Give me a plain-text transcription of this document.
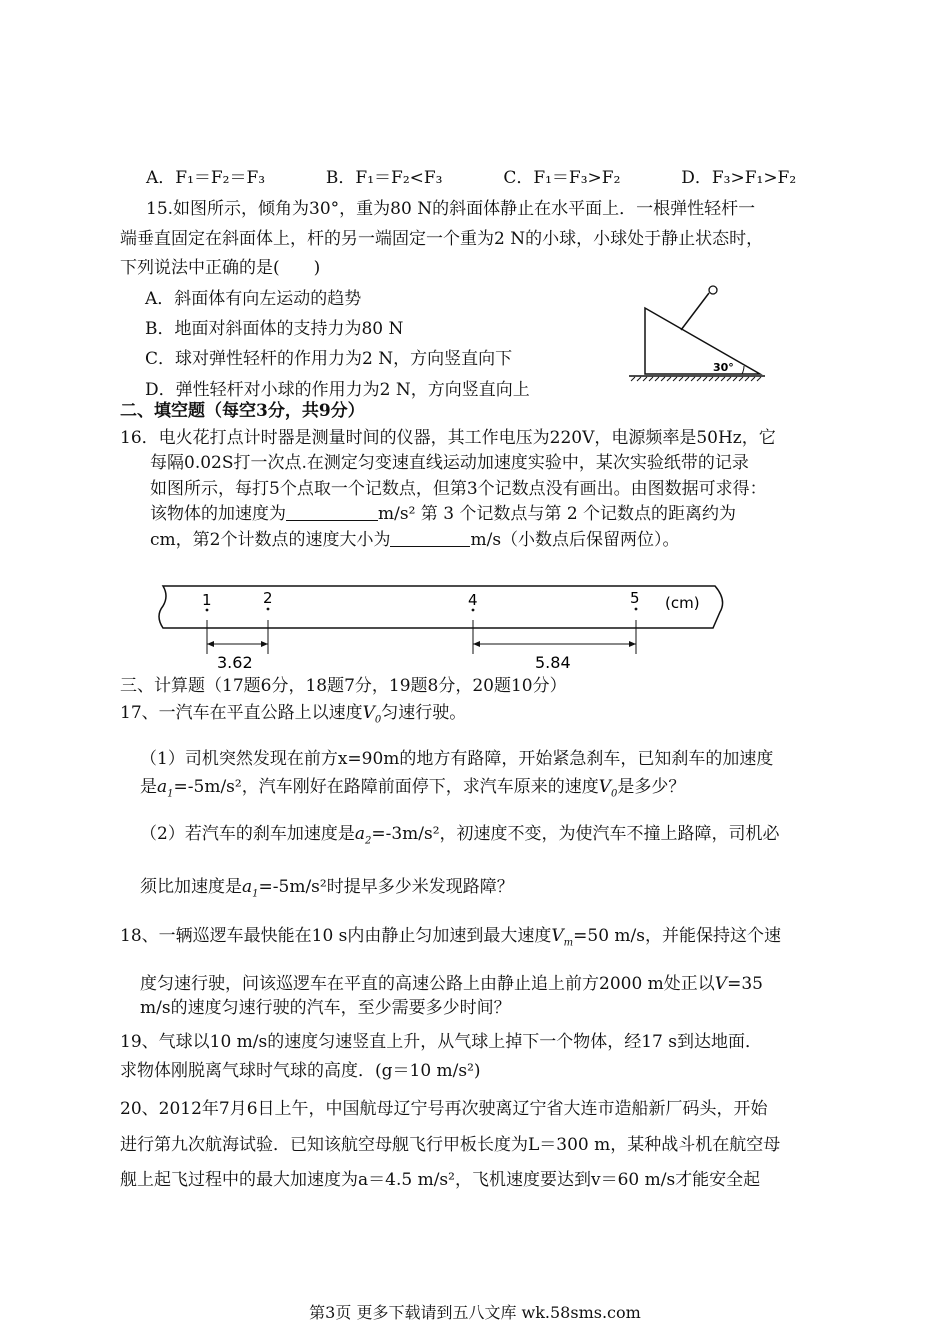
A．F₁＝F₂＝F₃	B．F₁＝F₂<F₃	C．F₁＝F₃>F₂	D．F₃>F₁>F₂
15.如图所示，倾角为30°，重为80 N的斜面体静止在水平面上．一根弹性轻杆一
端垂直固定在斜面体上，杆的另一端固定一个重为2 N的小球，小球处于静止状态时，
下列说法中正确的是(　　)
A．斜面体有向左运动的趋势
B．地面对斜面体的支持力为80 N
C．球对弹性轻杆的作用力为2 N，方向竖直向下
D．弹性轻杆对小球的作用力为2 N，方向竖直向上
30°
二、填空题（每空3分，共9分）
16．电火花打点计时器是测量时间的仪器，其工作电压为220V，电源频率是50Hz，它
每隔0.02S打一次点.在测定匀变速直线运动加速度实验中，某次实验纸带的记录
如图所示，每打5个点取一个记数点，但第3个记数点没有画出。由图数据可求得：
该物体的加速度为	m/s² 第 3 个记数点与第 2 个记数点的距离约为
cm，第2个计数点的速度大小为	m/s（小数点后保留两位）。
1	2	4	5 (cm)
3.62	5.84
三、计算题（17题6分，18题7分，19题8分，20题10分）
17、一汽车在平直公路上以速度$V_0$匀速行驶。
（1）司机突然发现在前方x=90m的地方有路障，开始紧急刹车，已知刹车的加速度
是$a_1=-5m/s^2$，汽车刚好在路障前面停下，求汽车原来的速度$V_0$是多少？
（2）若汽车的刹车加速度是$a_2=-3m/s^2$，初速度不变，为使汽车不撞上路障，司机必
须比加速度是$a_1=-5m/s^2$时提早多少米发现路障？
18、一辆巡逻车最快能在10 s内由静止匀加速到最大速度$V_m=50$ m/s，并能保持这个速
度匀速行驶，问该巡逻车在平直的高速公路上由静止追上前方2000 m处正以V=35
m/s的速度匀速行驶的汽车，至少需要多少时间？
19、气球以10 m/s的速度匀速竖直上升，从气球上掉下一个物体，经17 s到达地面．
求物体刚脱离气球时气球的高度．(g＝10 m/s²)
20、2012年7月6日上午，中国航母辽宁号再次驶离辽宁省大连市造船新厂码头，开始
进行第九次航海试验．已知该航空母舰飞行甲板长度为L＝300 m，某种战斗机在航空母
舰上起飞过程中的最大加速度为a＝4.5 m/s²，飞机速度要达到v＝60 m/s才能安全起
第3页 更多下载请到五八文库 wk.58sms.com
